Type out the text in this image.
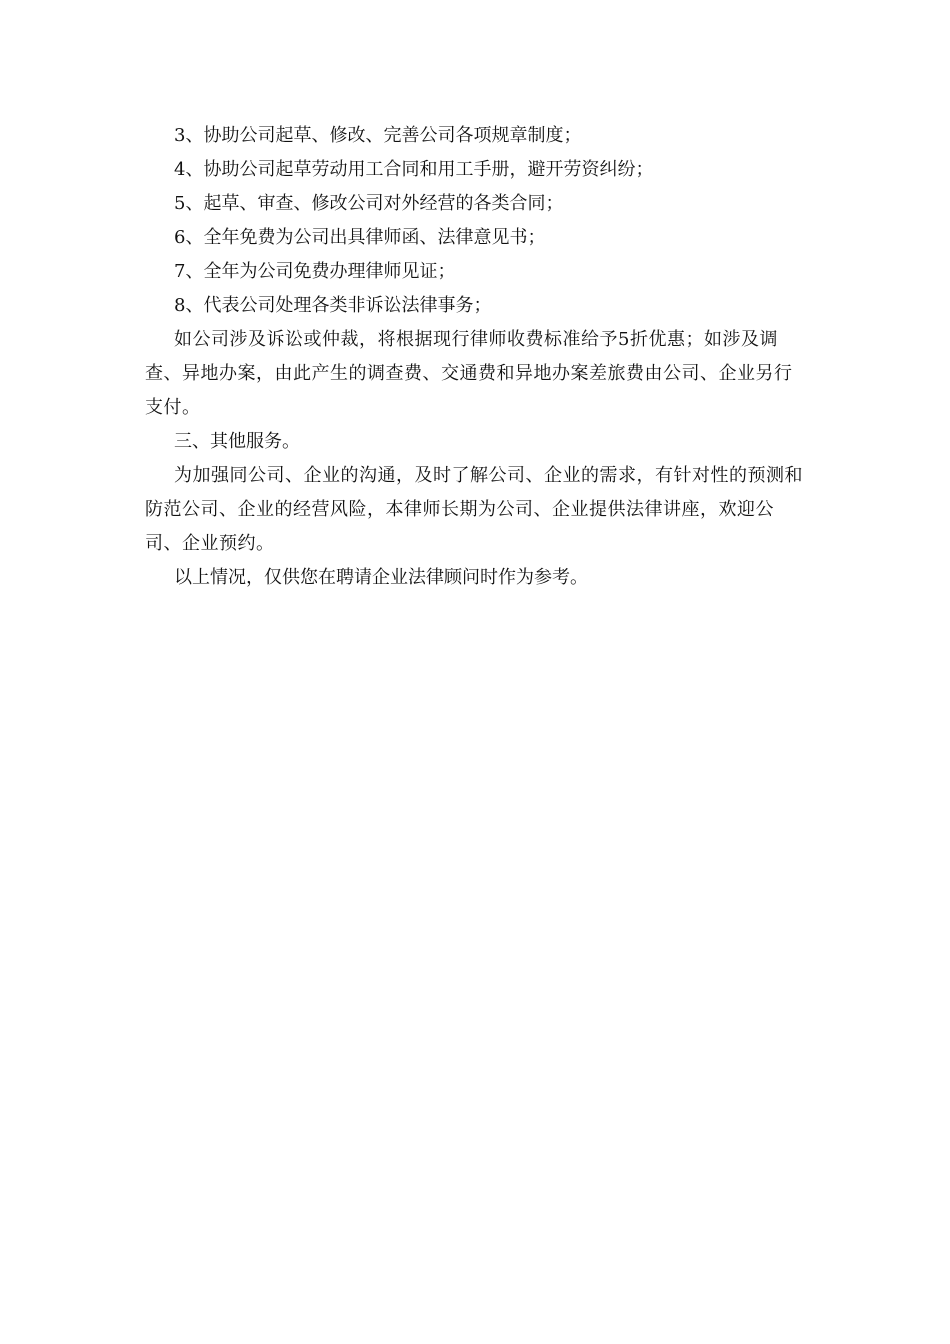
3、协助公司起草、修改、完善公司各项规章制度；

4、协助公司起草劳动用工合同和用工手册，避开劳资纠纷；

5、起草、审查、修改公司对外经营的各类合同；

6、全年免费为公司出具律师函、法律意见书；

7、全年为公司免费办理律师见证；

8、代表公司处理各类非诉讼法律事务；

如公司涉及诉讼或仲裁，将根据现行律师收费标准给予5折优惠；如涉及调查、异地办案，由此产生的调查费、交通费和异地办案差旅费由公司、企业另行支付。

三、其他服务。

为加强同公司、企业的沟通，及时了解公司、企业的需求，有针对性的预测和防范公司、企业的经营风险，本律师长期为公司、企业提供法律讲座，欢迎公司、企业预约。

以上情况，仅供您在聘请企业法律顾问时作为参考。
